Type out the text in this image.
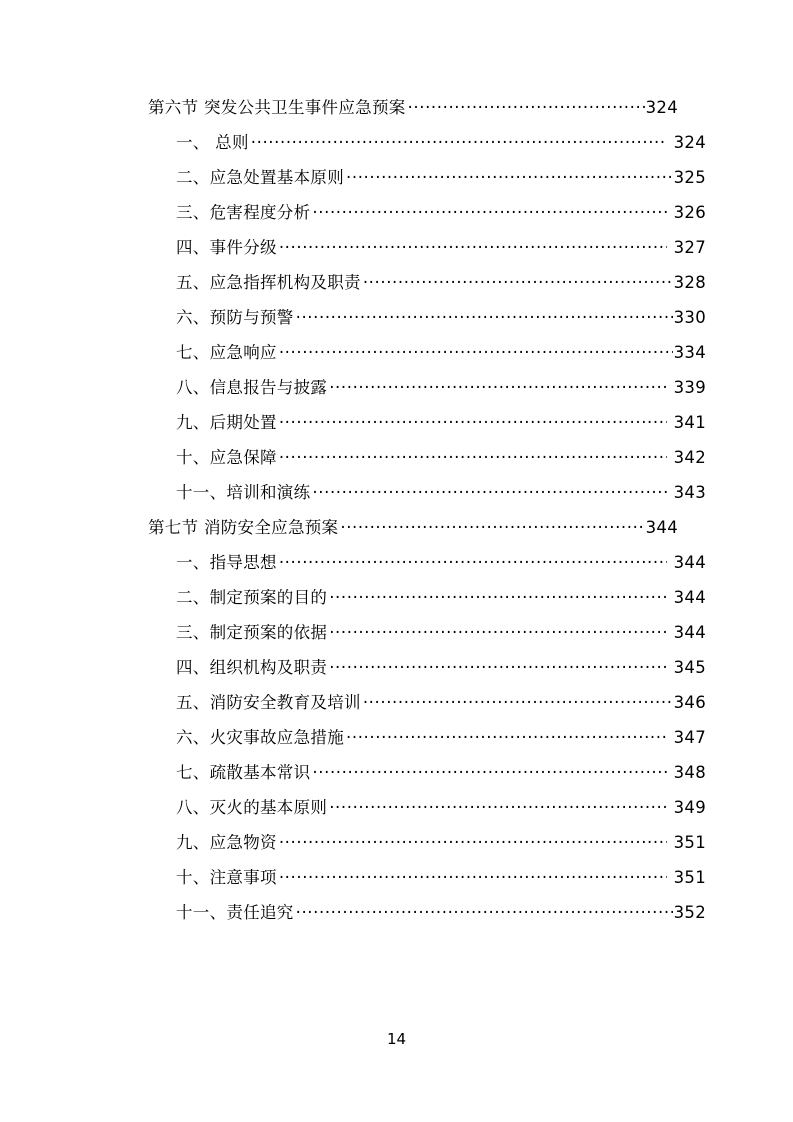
第六节 突发公共卫生事件应急预案 .....	324
一、 总则 .....	324
二、应急处置基本原则 .....	325
三、危害程度分析 .....	326
四、事件分级 .....	327
五、应急指挥机构及职责 .....	328
六、预防与预警 .....	330
七、应急响应 .....	334
八、信息报告与披露 .....	339
九、后期处置 .....	341
十、应急保障 .....	342
十一、培训和演练 .....	343
第七节 消防安全应急预案 .....	344
一、指导思想 .....	344
二、制定预案的目的 .....	344
三、制定预案的依据 .....	344
四、组织机构及职责 .....	345
五、消防安全教育及培训 .....	346
六、火灾事故应急措施 .....	347
七、疏散基本常识 .....	348
八、灭火的基本原则 .....	349
九、应急物资 .....	351
十、注意事项 .....	351
十一、责任追究 .....	352
14
